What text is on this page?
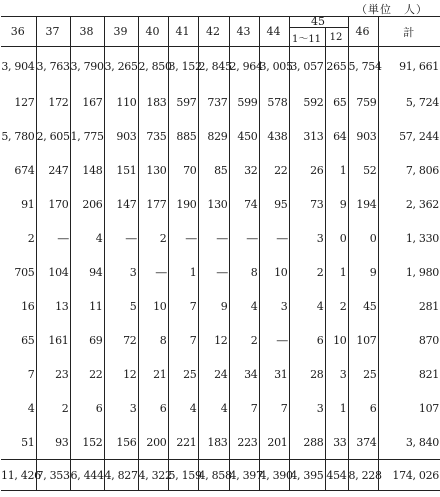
（単位　人）
36	37	38	39	40	41	42	43	44	45		46	計
									1～11	12		
3, 904	3, 763	3, 790	3, 265	2, 850	3, 152	2, 845	2, 964	3, 005	3, 057	265	5, 754	91, 661
127	172	167	110	183	597	737	599	578	592	65	759	5, 724
5, 780	2, 605	1, 775	903	735	885	829	450	438	313	64	903	57, 244
674	247	148	151	130	70	85	32	22	26	1	52	7, 806
91	170	206	147	177	190	130	74	95	73	9	194	2, 362
2	―	4	―	2	―	―	―	―	3	0	0	1, 330
705	104	94	3	―	1	―	8	10	2	1	9	1, 980
16	13	11	5	10	7	9	4	3	4	2	45	281
65	161	69	72	8	7	12	2	―	6	10	107	870
7	23	22	12	21	25	24	34	31	28	3	25	821
4	2	6	3	6	4	4	7	7	3	1	6	107
51	93	152	156	200	221	183	223	201	288	33	374	3, 840
11, 426	7, 353	6, 444	4, 827	4, 322	5, 159	4, 858	4, 397	4, 390	4, 395	454	8, 228	174, 026
